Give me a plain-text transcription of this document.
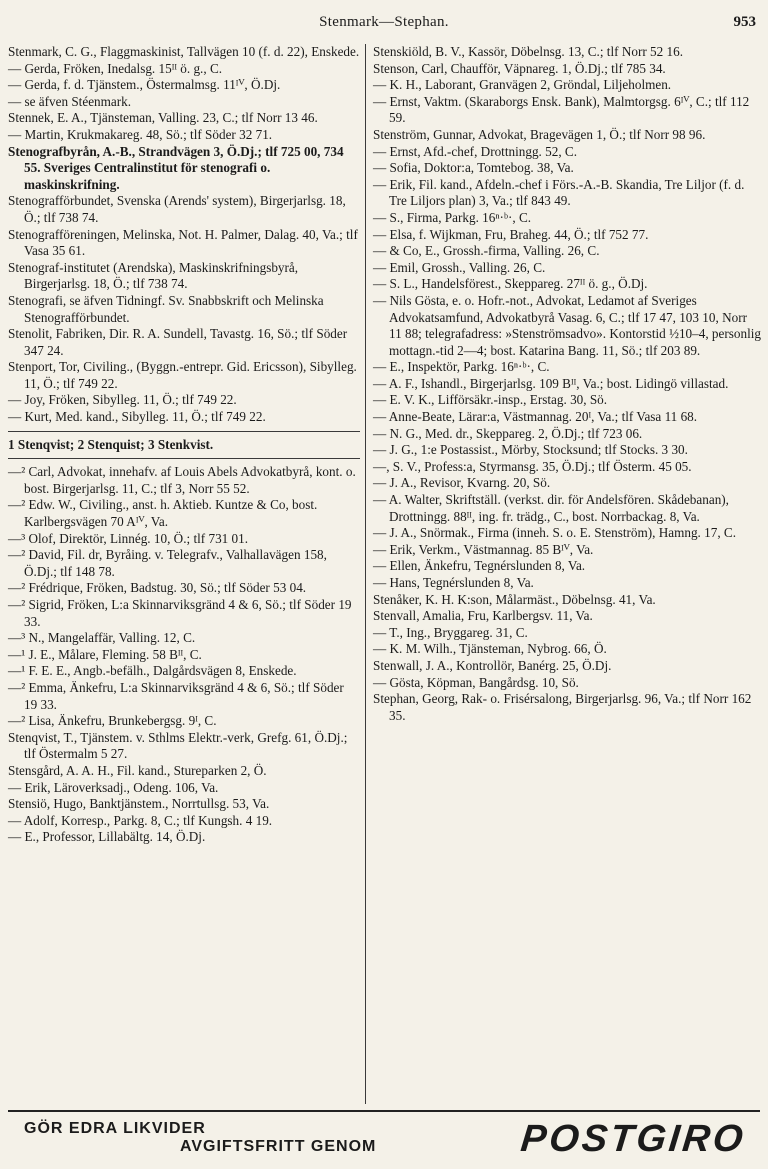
Stenmark—Stephan.	953

Stenmark, C. G., Flaggmaskinist, Tallvägen 10 (f. d. 22), Enskede.

— Gerda, Fröken, Inedalsg. 15ᴵᴵ ö. g., C.

— Gerda, f. d. Tjänstem., Östermalmsg. 11ᴵⱽ, Ö.Dj.

— se äfven Stéenmark.

Stennek, E. A., Tjänsteman, Valling. 23, C.; tlf Norr 13 46.

— Martin, Krukmakareg. 48, Sö.; tlf Söder 32 71.

Stenografbyrån, A.-B., Strandvägen 3, Ö.Dj.; tlf 725 00, 734 55. Sveriges Centralinstitut för stenografi o. maskinskrifning.

Stenografförbundet, Svenska (Arends' system), Birgerjarlsg. 18, Ö.; tlf 738 74.

Stenografföreningen, Melinska, Not. H. Palmer, Dalag. 40, Va.; tlf Vasa 35 61.

Stenograf-institutet (Arendska), Maskinskrifningsbyrå, Birgerjarlsg. 18, Ö.; tlf 738 74.

Stenografi, se äfven Tidningf. Sv. Snabbskrift och Melinska Stenografförbundet.

Stenolit, Fabriken, Dir. R. A. Sundell, Tavastg. 16, Sö.; tlf Söder 347 24.

Stenport, Tor, Civiling., (Byggn.-entrepr. Gid. Ericsson), Sibylleg. 11, Ö.; tlf 749 22.

— Joy, Fröken, Sibylleg. 11, Ö.; tlf 749 22.

— Kurt, Med. kand., Sibylleg. 11, Ö.; tlf 749 22.

1 Stenqvist; 2 Stenquist; 3 Stenkvist.

—² Carl, Advokat, innehafv. af Louis Abels Advokatbyrå, kont. o. bost. Birgerjarlsg. 11, C.; tlf 3, Norr 55 52.

—² Edw. W., Civiling., anst. h. Aktieb. Kuntze & Co, bost. Karlbergsvägen 70 Aᴵⱽ, Va.

—³ Olof, Direktör, Linnég. 10, Ö.; tlf 731 01.

—² David, Fil. dr, Byråing. v. Telegrafv., Valhallavägen 158, Ö.Dj.; tlf 148 78.

—² Frédrique, Fröken, Badstug. 30, Sö.; tlf Söder 53 04.

—² Sigrid, Fröken, L:a Skinnarviksgränd 4 & 6, Sö.; tlf Söder 19 33.

—³ N., Mangelaffär, Valling. 12, C.

—¹ J. E., Målare, Fleming. 58 Bᴵᴵ, C.

—¹ F. E. E., Angb.-befälh., Dalgårdsvägen 8, Enskede.

—² Emma, Änkefru, L:a Skinnarviksgränd 4 & 6, Sö.; tlf Söder 19 33.

—² Lisa, Änkefru, Brunkebergsg. 9ᴵ, C.

Stenqvist, T., Tjänstem. v. Sthlms Elektr.-verk, Grefg. 61, Ö.Dj.; tlf Östermalm 5 27.

Stensgård, A. A. H., Fil. kand., Stureparken 2, Ö.

— Erik, Läroverksadj., Odeng. 106, Va.

Stensiö, Hugo, Banktjänstem., Norrtullsg. 53, Va.

— Adolf, Korresp., Parkg. 8, C.; tlf Kungsh. 4 19.

— E., Professor, Lillabältg. 14, Ö.Dj.

Stenskiöld, B. V., Kassör, Döbelnsg. 13, C.; tlf Norr 52 16.

Stenson, Carl, Chaufför, Väpnareg. 1, Ö.Dj.; tlf 785 34.

— K. H., Laborant, Granvägen 2, Gröndal, Liljeholmen.

— Ernst, Vaktm. (Skaraborgs Ensk. Bank), Malmtorgsg. 6ᴵⱽ, C.; tlf 112 59.

Stenström, Gunnar, Advokat, Bragevägen 1, Ö.; tlf Norr 98 96.

— Ernst, Afd.-chef, Drottningg. 52, C.

— Sofia, Doktor:a, Tomtebog. 38, Va.

— Erik, Fil. kand., Afdeln.-chef i Förs.-A.-B. Skandia, Tre Liljor (f. d. Tre Liljors plan) 3, Va.; tlf 843 49.

— S., Firma, Parkg. 16ⁿ·ᵇ·, C.

— Elsa, f. Wijkman, Fru, Braheg. 44, Ö.; tlf 752 77.

— & Co, E., Grossh.-firma, Valling. 26, C.

— Emil, Grossh., Valling. 26, C.

— S. L., Handelsförest., Skeppareg. 27ᴵᴵ ö. g., Ö.Dj.

— Nils Gösta, e. o. Hofr.-not., Advokat, Ledamot af Sveriges Advokatsamfund, Advokatbyrå Vasag. 6, C.; tlf 17 47, 103 10, Norr 11 88; telegrafadress: »Stenströmsadvo». Kontorstid ½10–4, personlig mottagn.-tid 2—4; bost. Katarina Bang. 11, Sö.; tlf 203 89.

— E., Inspektör, Parkg. 16ⁿ·ᵇ·, C.

— A. F., Ishandl., Birgerjarlsg. 109 Bᴵᴵ, Va.; bost. Lidingö villastad.

— E. V. K., Lifförsäkr.-insp., Erstag. 30, Sö.

— Anne-Beate, Lärar:a, Västmannag. 20ᴵ, Va.; tlf Vasa 11 68.

— N. G., Med. dr., Skeppareg. 2, Ö.Dj.; tlf 723 06.

— J. G., 1:e Postassist., Mörby, Stocksund; tlf Stocks. 3 30.

—, S. V., Profess:a, Styrmansg. 35, Ö.Dj.; tlf Österm. 45 05.

— J. A., Revisor, Kvarng. 20, Sö.

— A. Walter, Skriftställ. (verkst. dir. för Andelsfören. Skådebanan), Drottningg. 88ᴵᴵ, ing. fr. trädg., C., bost. Norrbackag. 8, Va.

— J. A., Snörmak., Firma (inneh. S. o. E. Stenström), Hamng. 17, C.

— Erik, Verkm., Västmannag. 85 Bᴵⱽ, Va.

— Ellen, Änkefru, Tegnérslunden 8, Va.

— Hans, Tegnérslunden 8, Va.

Stenåker, K. H. K:son, Målarmäst., Döbelnsg. 41, Va.

Stenvall, Amalia, Fru, Karlbergsv. 11, Va.

— T., Ing., Bryggareg. 31, C.

— K. M. Wilh., Tjänsteman, Nybrog. 66, Ö.

Stenwall, J. A., Kontrollör, Banérg. 25, Ö.Dj.

— Gösta, Köpman, Bangårdsg. 10, Sö.

Stephan, Georg, Rak- o. Frisérsalong, Birgerjarlsg. 96, Va.; tlf Norr 162 35.

GÖR EDRA LIKVIDER
AVGIFTSFRITT GENOM	POSTGIRO
